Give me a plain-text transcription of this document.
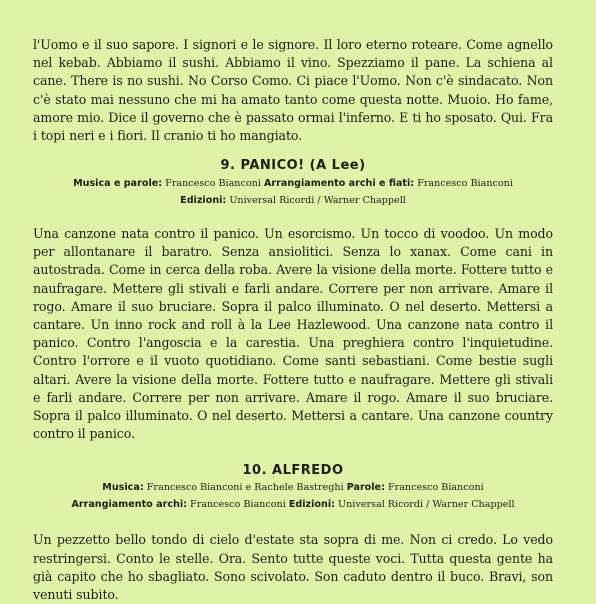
l'Uomo e il suo sapore. I signori e le signore. Il loro eterno roteare. Come agnello nel kebab. Abbiamo il sushi. Abbiamo il vino. Spezziamo il pane. La schiena al cane. There is no sushi. No Corso Como. Ci piace l'Uomo. Non c'è sindacato. Non c'è stato mai nessuno che mi ha amato tanto come questa notte. Muoio. Ho fame, amore mio. Dice il governo che è passato ormai l'inferno. E ti ho sposato. Qui. Fra i topi neri e i fiori. Il cranio ti ho mangiato.

9. PANICO! (A Lee)

Musica e parole: Francesco Bianconi Arrangiamento archi e fiati: Francesco Bianconi

Edizioni: Universal Ricordi / Warner Chappell

Una canzone nata contro il panico. Un esorcismo. Un tocco di voodoo. Un modo per allontanare il baratro. Senza ansiolitici. Senza lo xanax. Come cani in autostrada. Come in cerca della roba. Avere la visione della morte. Fottere tutto e naufragare. Mettere gli stivali e farli andare. Correre per non arrivare. Amare il rogo. Amare il suo bruciare. Sopra il palco illuminato. O nel deserto. Mettersi a cantare. Un inno rock and roll à la Lee Hazlewood. Una canzone nata contro il panico. Contro l'angoscia e la carestia. Una preghiera contro l'inquietudine. Contro l'orrore e il vuoto quotidiano. Come santi sebastiani. Come bestie sugli altari. Avere la visione della morte. Fottere tutto e naufragare. Mettere gli stivali e farli andare. Correre per non arrivare. Amare il rogo. Amare il suo bruciare. Sopra il palco illuminato. O nel deserto. Mettersi a cantare. Una canzone country contro il panico.

10. ALFREDO

Musica: Francesco Bianconi e Rachele Bastreghi Parole: Francesco Bianconi

Arrangiamento archi: Francesco Bianconi Edizioni: Universal Ricordi / Warner Chappell

Un pezzetto bello tondo di cielo d'estate sta sopra di me. Non ci credo. Lo vedo restringersi. Conto le stelle. Ora. Sento tutte queste voci. Tutta questa gente ha già capito che ho sbagliato. Sono scivolato. Son caduto dentro il buco. Bravi, son venuti subito.
